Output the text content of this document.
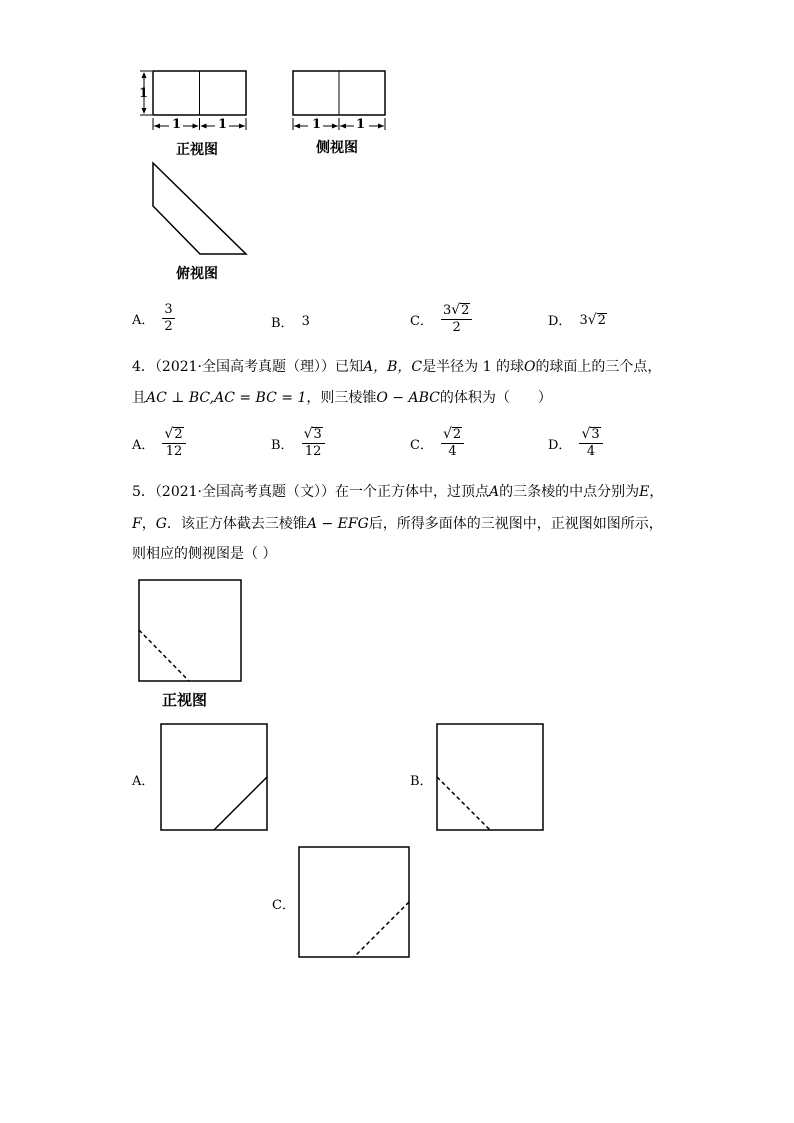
1
1	1
正视图
1	1
侧视图
俯视图
A． $\frac{3}{2}$	B． 3	C． $\frac{3 √ 2}{2}$	D． 3 √ 2
4．（2021·全国高考真题（理））已知A，B，C是半径为 1 的球O的球面上的三个点，
且AC ⊥ BC,AC = BC = 1，则三棱锥O − ABC的体积为（　　）
A． $\frac{√ 2}{12}$	B． $\frac{√ 3}{12}$	C． $\frac{√ 2}{4}$	D． $\frac{√ 3}{4}$
5．（2021·全国高考真题（文））在一个正方体中，过顶点A的三条棱的中点分别为E，
F，G．该正方体截去三棱锥A − EFG后，所得多面体的三视图中，正视图如图所示，
则相应的侧视图是（ ）
正视图
A．	B．
C．
